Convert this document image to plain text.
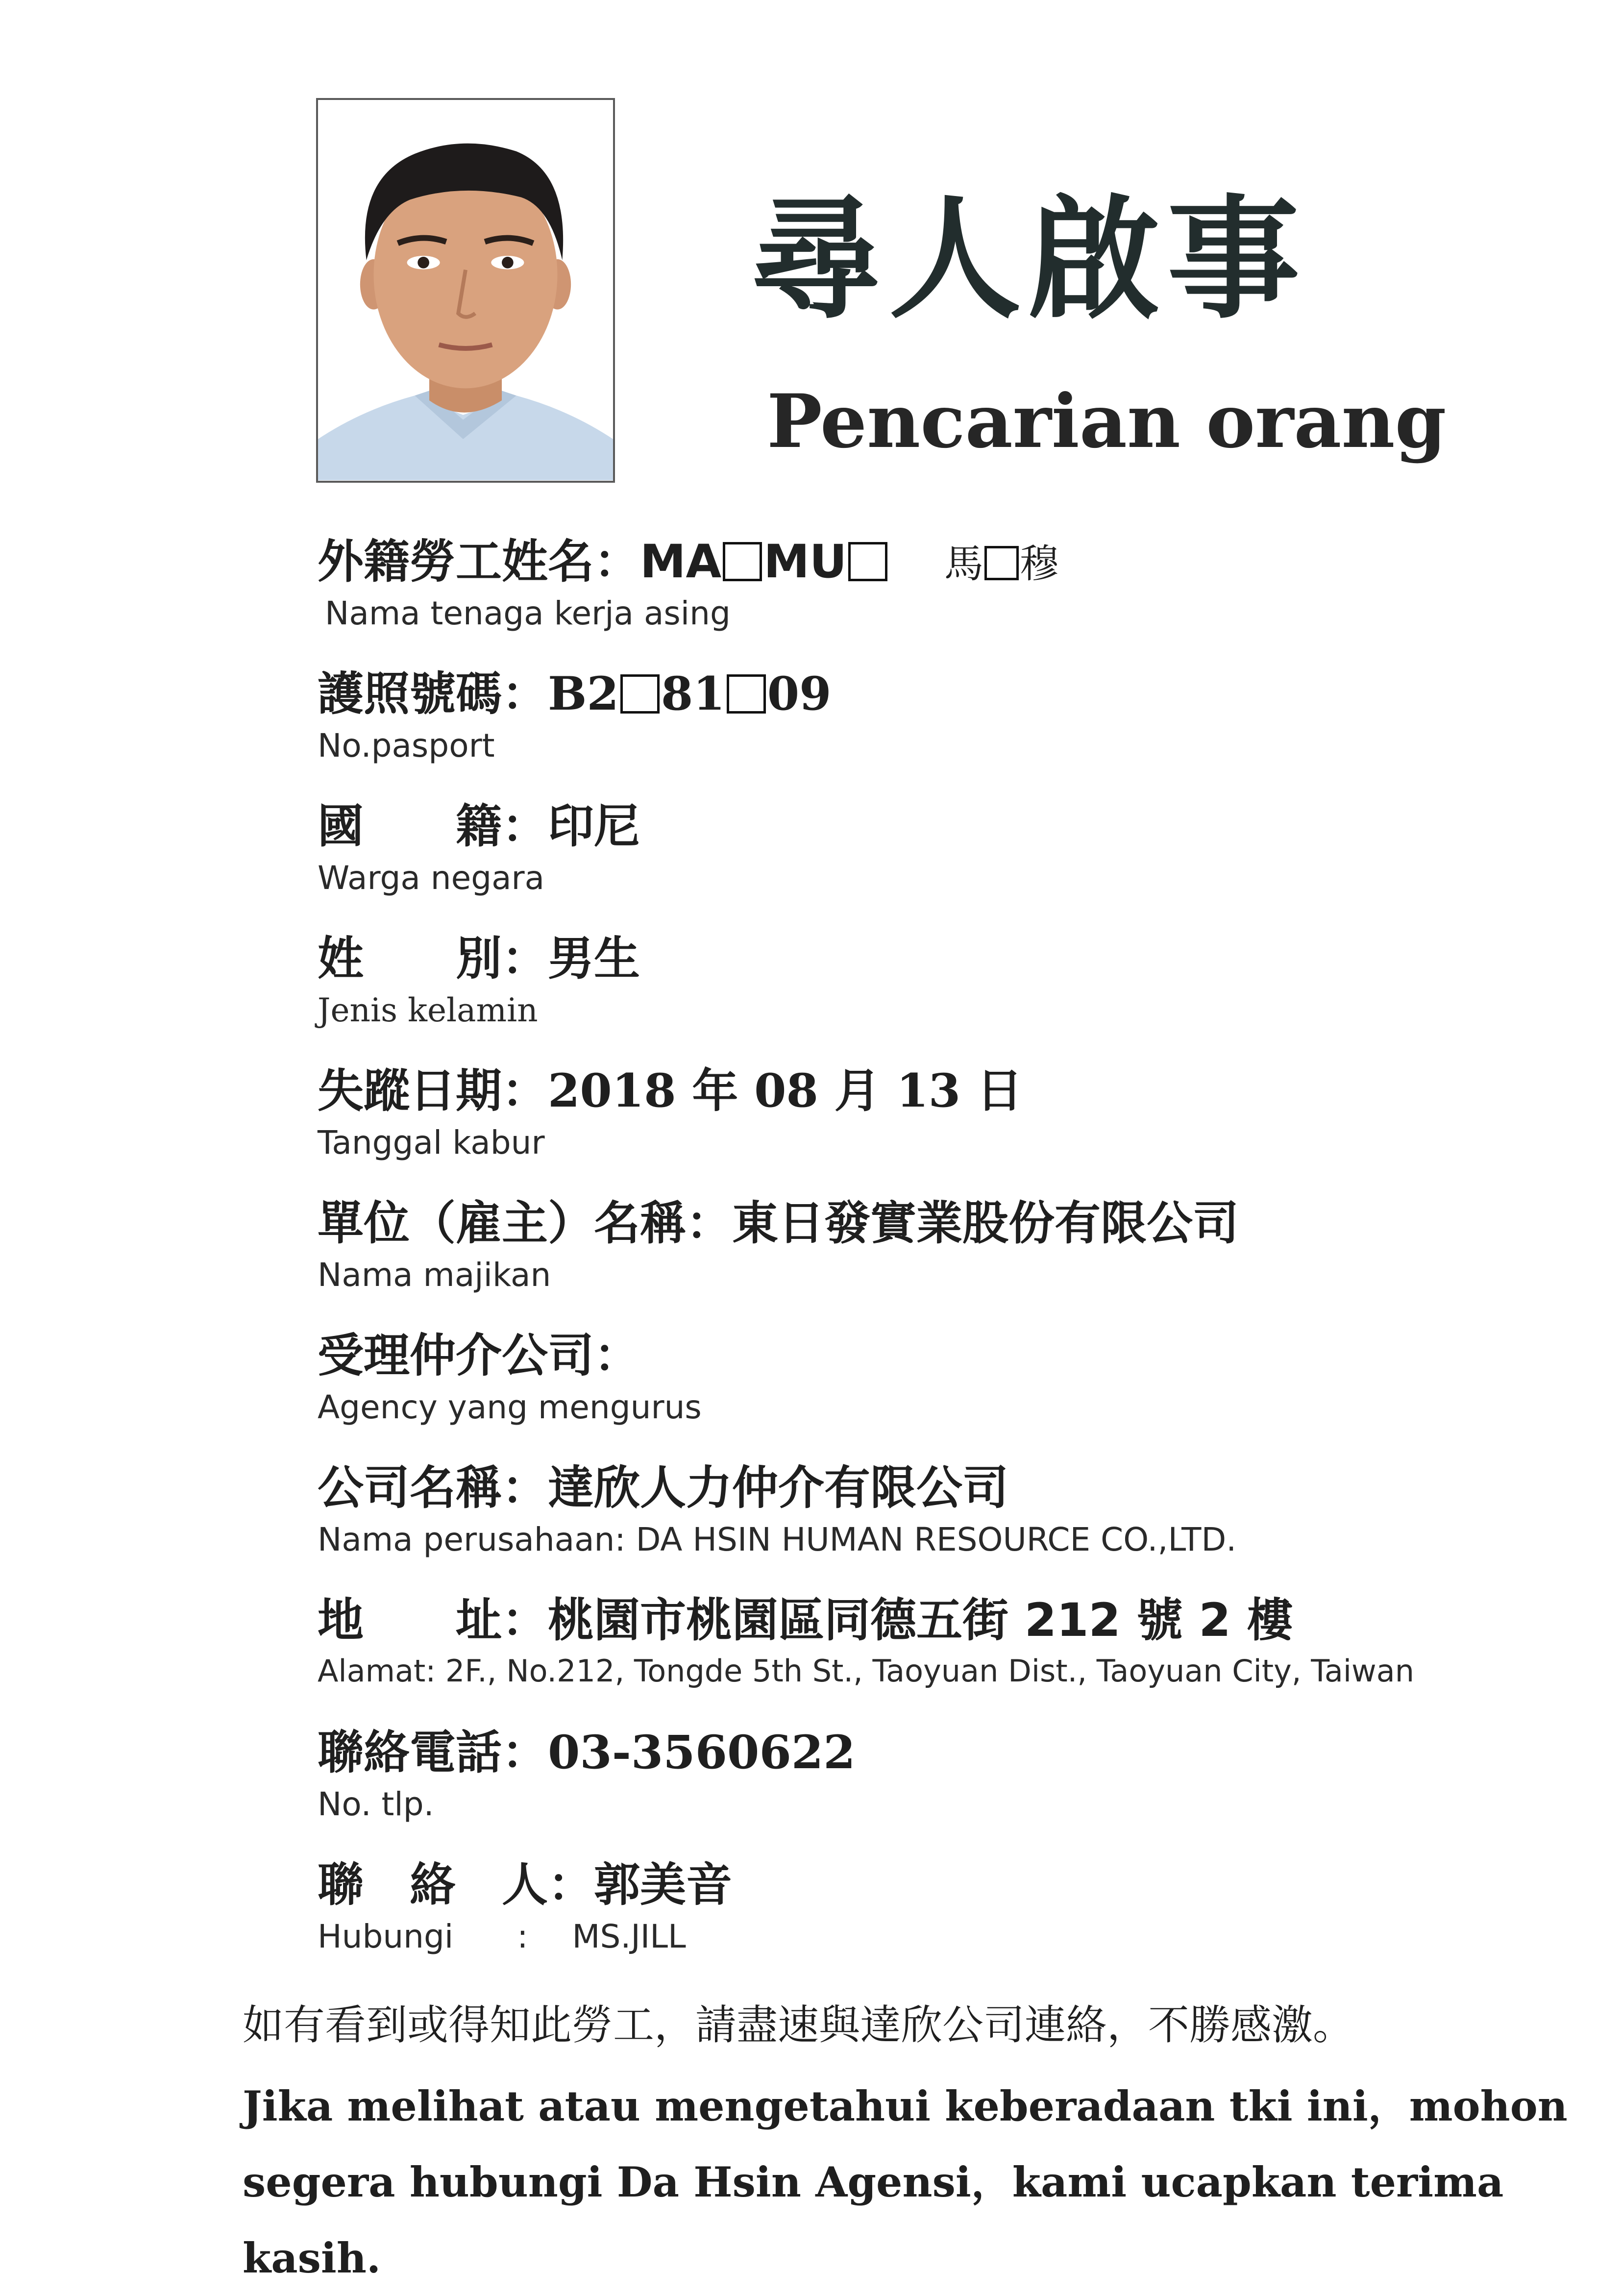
尋人啟事
Pencarian orang
外籍勞工姓名：MA MU 馬 穆
Nama tenaga kerja asing
護照號碼：B2 81 09
No.pasport
國　　籍：印尼
Warga negara
姓　　別：男生
Jenis kelamin
失蹤日期：2018 年 08 月 13 日
Tanggal kabur
單位（雇主）名稱：東日發實業股份有限公司
Nama majikan
受理仲介公司：
Agency yang mengurus
公司名稱：達欣人力仲介有限公司
Nama perusahaan: DA HSIN HUMAN RESOURCE CO.,LTD.
地　　址：桃園市桃園區同德五街 212 號 2 樓
Alamat: 2F., No.212, Tongde 5th St., Taoyuan Dist., Taoyuan City, Taiwan
聯絡電話：03-3560622
No. tlp.
聯　絡　人：郭美音
Hubungi : MS.JILL
如有看到或得知此勞工，請盡速與達欣公司連絡，不勝感激。
Jika melihat atau mengetahui keberadaan tki ini，mohon segera hubungi Da Hsin Agensi，kami ucapkan terima kasih.
